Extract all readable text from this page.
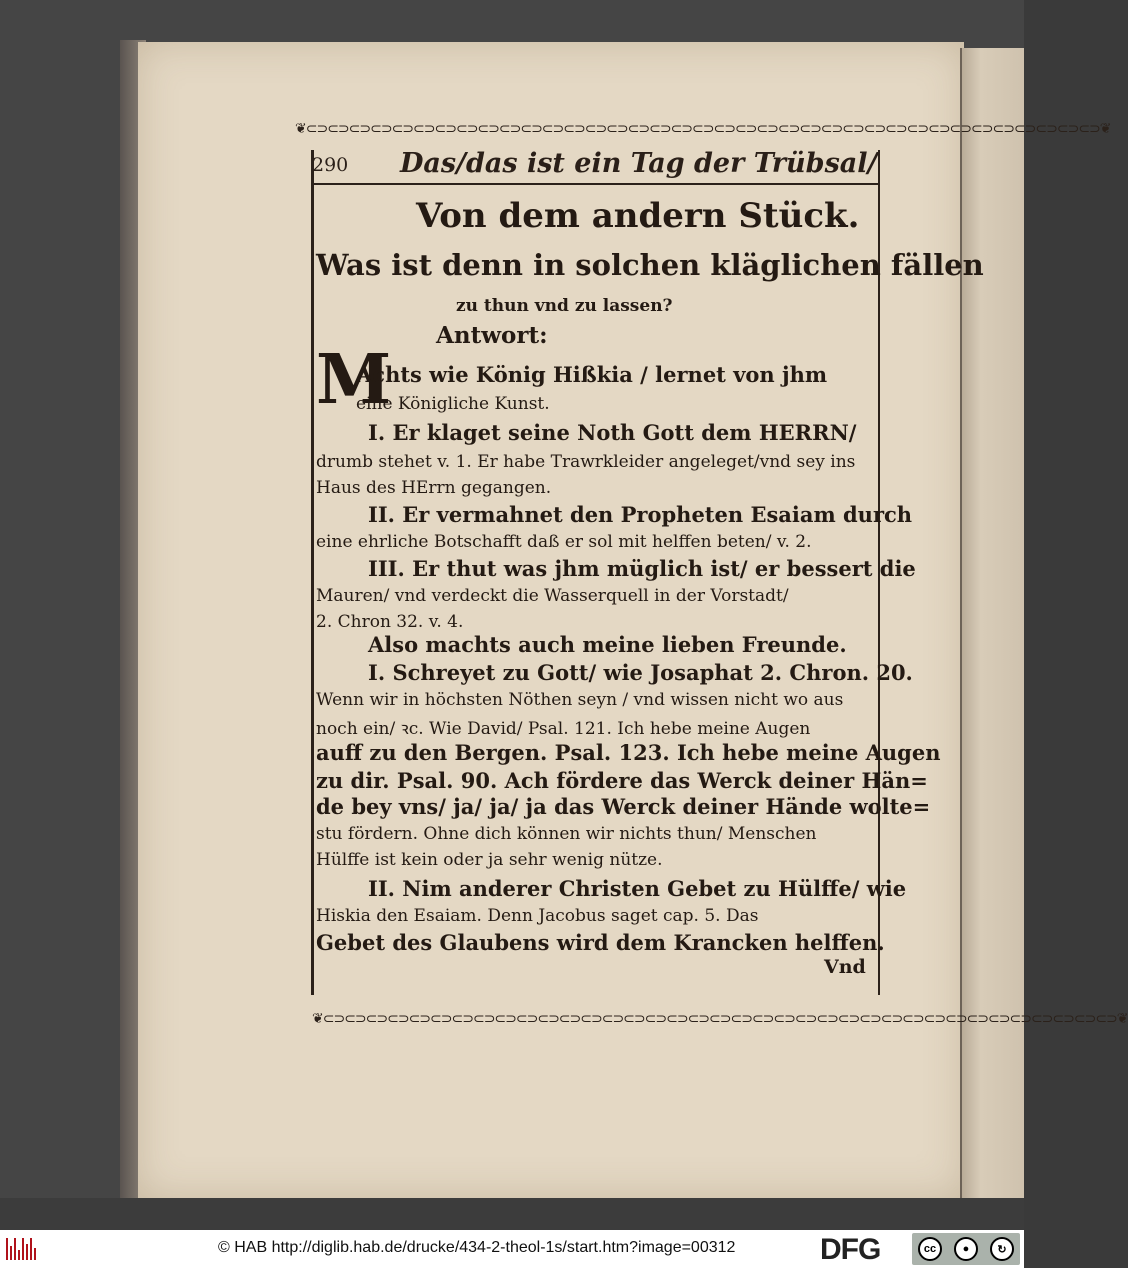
❦⊂⊃⊂⊃⊂⊃⊂⊃⊂⊃⊂⊃⊂⊃⊂⊃⊂⊃⊂⊃⊂⊃⊂⊃⊂⊃⊂⊃⊂⊃⊂⊃⊂⊃⊂⊃⊂⊃⊂⊃⊂⊃⊂⊃⊂⊃⊂⊃⊂⊃⊂⊃⊂⊃⊂⊃⊂⊃⊂⊃⊂⊃⊂⊃⊂⊃⊂⊃⊂⊃⊂⊃⊂⊃❦
290 Das/das ist ein Tag der Trübsal/
Von dem andern Stück.
Was ist denn in solchen kläglichen fällen
zu thun vnd zu lassen?
Antwort:
M
Achts wie König Hißkia / lernet von jhm
eine Königliche Kunst.
I. Er klaget seine Noth Gott dem HERRN/
drumb stehet v. 1. Er habe Trawrkleider angeleget/vnd sey ins
Haus des HErrn gegangen.
II. Er vermahnet den Propheten Esaiam durch
eine ehrliche Botschafft daß er sol mit helffen beten/ v. 2.
III. Er thut was jhm müglich ist/ er bessert die
Mauren/ vnd verdeckt die Wasserquell in der Vorstadt/
2. Chron 32. v. 4.
Also machts auch meine lieben Freunde.
I. Schreyet zu Gott/ wie Josaphat 2. Chron. 20.
Wenn wir in höchsten Nöthen seyn / vnd wissen nicht wo aus
noch ein/ ꝛc. Wie David/ Psal. 121. Ich hebe meine Augen
auff zu den Bergen. Psal. 123. Ich hebe meine Augen
zu dir. Psal. 90. Ach fördere das Werck deiner Hän=
de bey vns/ ja/ ja/ ja das Werck deiner Hände wolte=
stu fördern. Ohne dich können wir nichts thun/ Menschen
Hülffe ist kein oder ja sehr wenig nütze.
II. Nim anderer Christen Gebet zu Hülffe/ wie
Hiskia den Esaiam. Denn Jacobus saget cap. 5. Das
Gebet des Glaubens wird dem Krancken helffen.
Vnd
❦⊂⊃⊂⊃⊂⊃⊂⊃⊂⊃⊂⊃⊂⊃⊂⊃⊂⊃⊂⊃⊂⊃⊂⊃⊂⊃⊂⊃⊂⊃⊂⊃⊂⊃⊂⊃⊂⊃⊂⊃⊂⊃⊂⊃⊂⊃⊂⊃⊂⊃⊂⊃⊂⊃⊂⊃⊂⊃⊂⊃⊂⊃⊂⊃⊂⊃⊂⊃⊂⊃⊂⊃⊂⊃❦
© HAB http://diglib.hab.de/drucke/434-2-theol-1s/start.htm?image=00312	DFG	cc	●	↻
